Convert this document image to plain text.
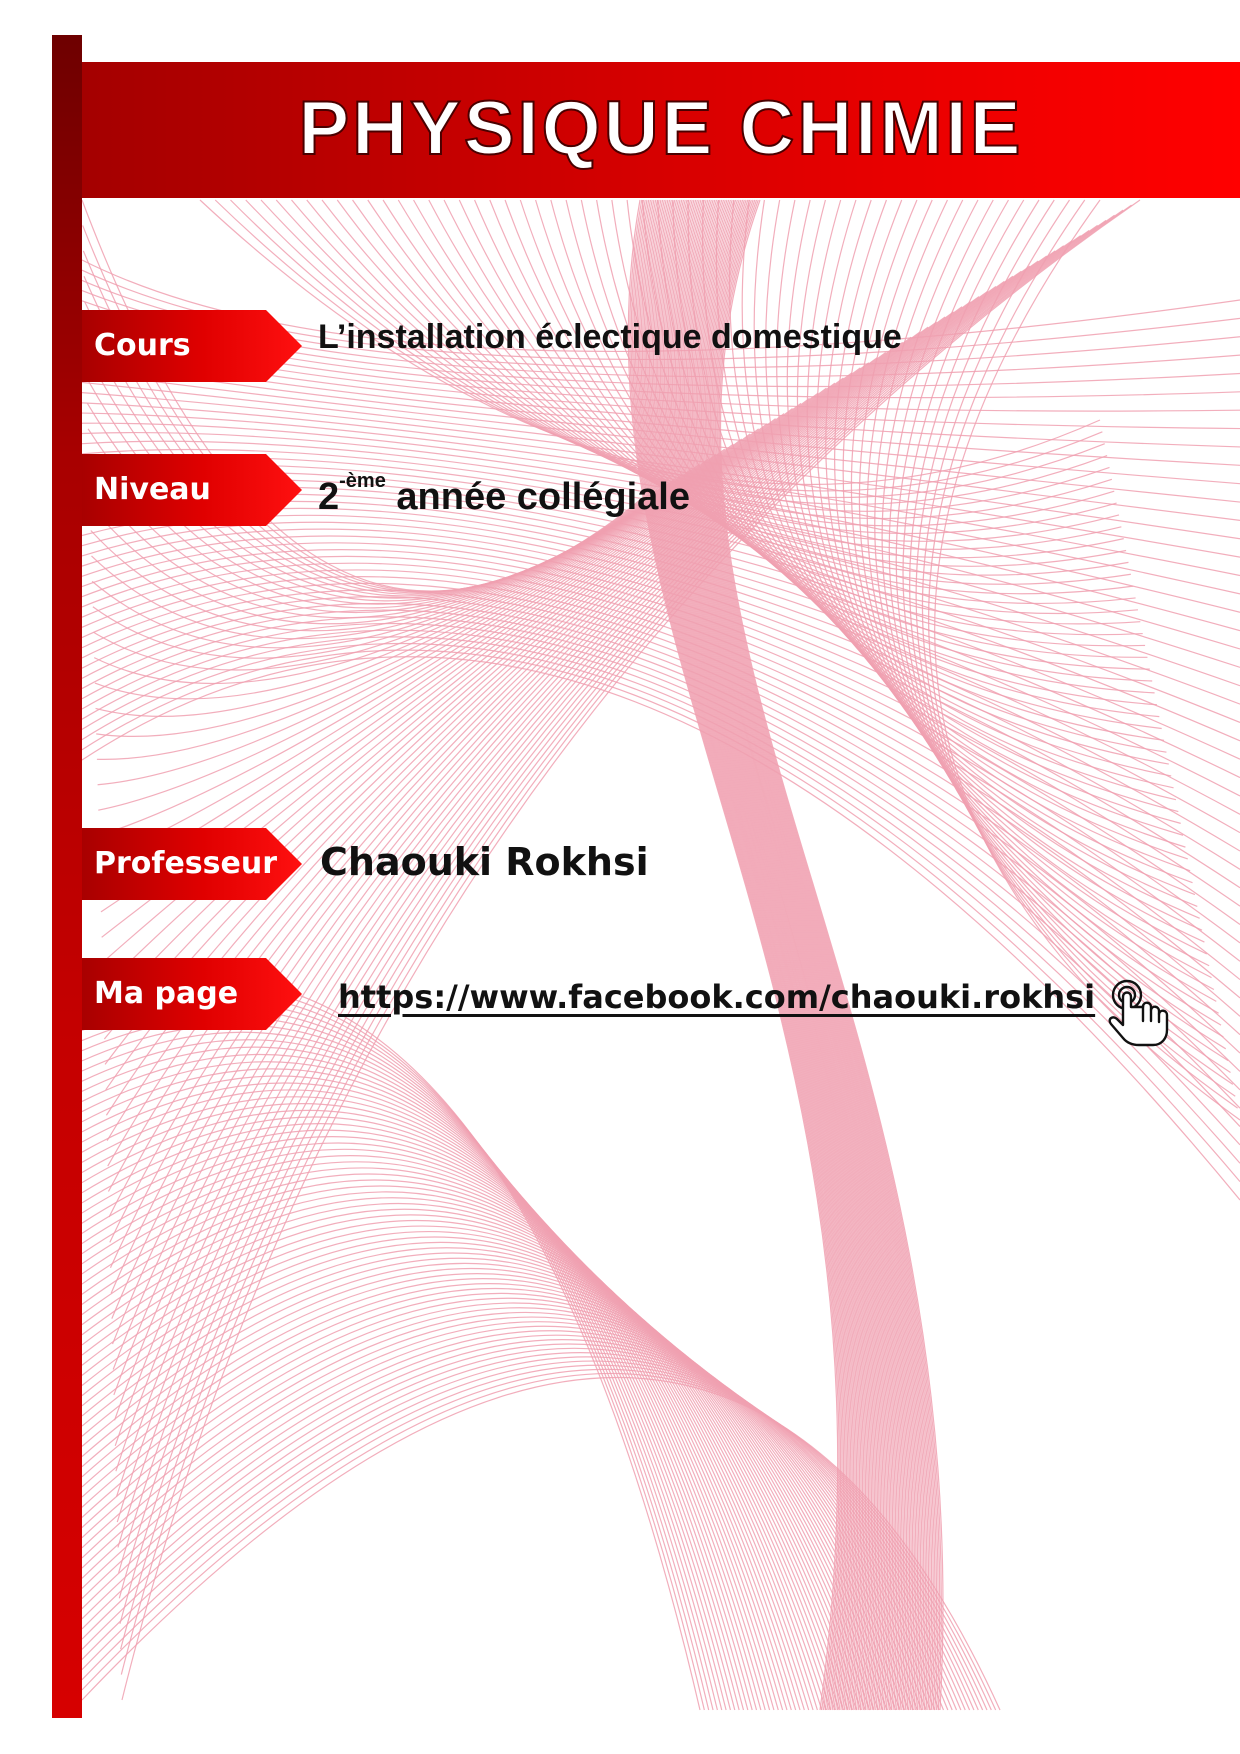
PHYSIQUE CHIMIE
Cours	L’installation éclectique domestique
Niveau	$2^{-ème}$ année collégiale
Professeur Chaouki Rokhsi
Ma page	https://www.facebook.com/chaouki.rokhsi
